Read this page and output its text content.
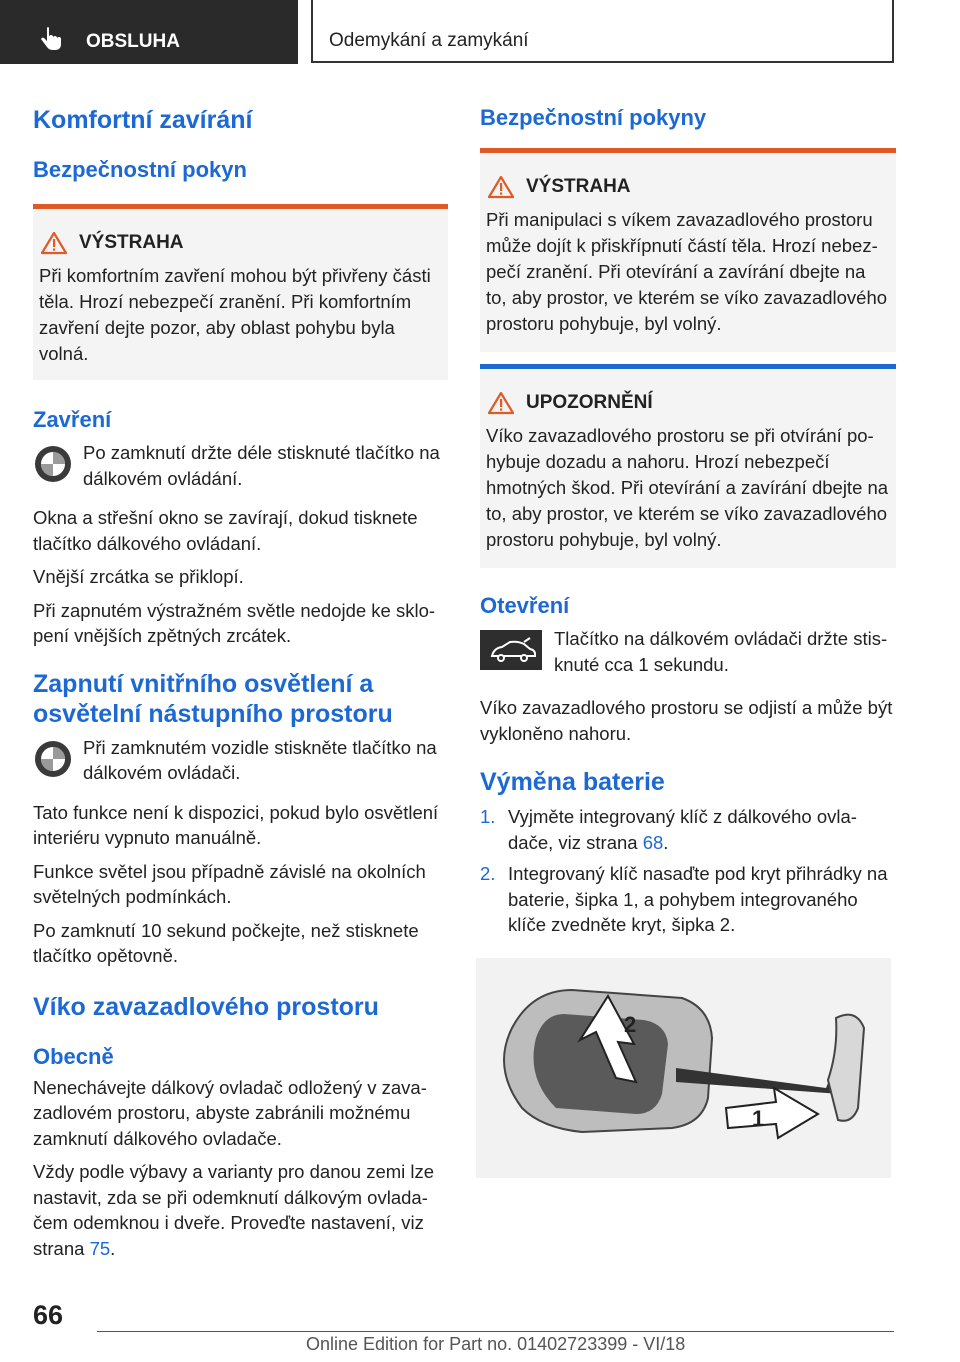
OBSLUHA	Odemykání a zamykání
Komfortní zavírání
Bezpečnostní pokyn
VÝSTRAHA

Při komfortním zavření mohou být přivřeny části těla. Hrozí nebezpečí zranění. Při komfortním zavření dejte pozor, aby oblast pohybu byla volná.

Zavření

Po zamknutí držte déle stisknuté tlačítko na dálkovém ovládání.

Okna a střešní okno se zavírají, dokud tisknete tlačítko dálkového ovládaní.

Vnější zrcátka se přiklopí.

Při zapnutém výstražném světle nedojde ke sklopení vnějších zpětných zrcátek.

Zapnutí vnitřního osvětlení a osvětelní nástupního prostoru

Při zamknutém vozidle stiskněte tlačítko na dálkovém ovládači.

Tato funkce není k dispozici, pokud bylo osvětlení interiéru vypnuto manuálně.

Funkce světel jsou případně závislé na okolních světelných podmínkách.

Po zamknutí 10 sekund počkejte, než stisknete tlačítko opětovně.

Víko zavazadlového prostoru
Obecně

Nenechávejte dálkový ovladač odložený v zavazadlovém prostoru, abyste zabránili možnému zamknutí dálkového ovladače.

Vždy podle výbavy a varianty pro danou zemi lze nastavit, zda se při odemknutí dálkovým ovladačem odemknou i dveře. Proveďte nastavení, viz strana 75.

Bezpečnostní pokyny
VÝSTRAHA

Při manipulaci s víkem zavazadlového prostoru může dojít k přiskřípnutí částí těla. Hrozí nebezpečí zranění. Při otevírání a zavírání dbejte na to, aby prostor, ve kterém se víko zavazadlového prostoru pohybuje, byl volný.

UPOZORNĚNÍ

Víko zavazadlového prostoru se při otvírání pohybuje dozadu a nahoru. Hrozí nebezpečí hmotných škod. Při otevírání a zavírání dbejte na to, aby prostor, ve kterém se víko zavazadlového prostoru pohybuje, byl volný.

Otevření

Tlačítko na dálkovém ovládači držte stisknuté cca 1 sekundu.

Víko zavazadlového prostoru se odjistí a může být vykloněno nahoru.

Výměna baterie
1. Vyjměte integrovaný klíč z dálkového ovladače, viz strana 68.

2. Integrovaný klíč nasaďte pod kryt přihrádky na baterie, šipka 1, a pohybem integrovaného klíče zvedněte kryt, šipka 2.

2
1
66
Online Edition for Part no. 01402723399 - VI/18
